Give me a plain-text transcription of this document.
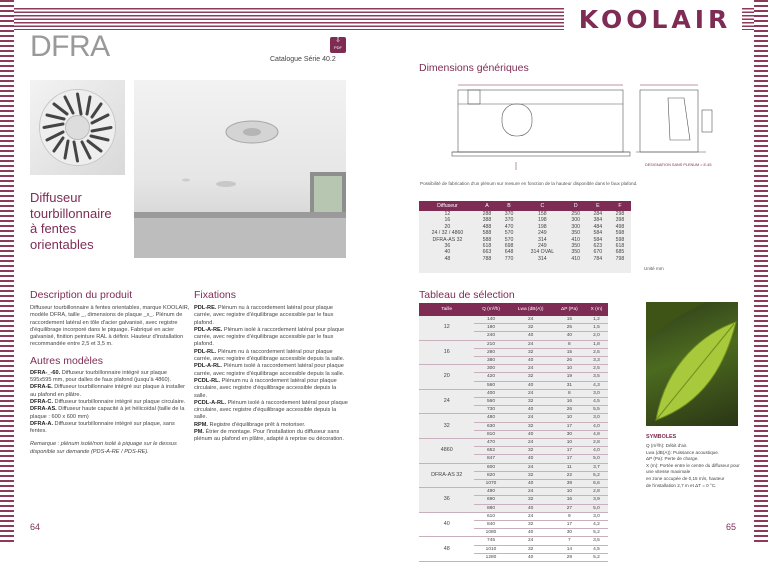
KOOLAIR
DFRA	⇩
PDF
Catalogue Série 40.2
Diffuseur
tourbillonnaire
à fentes
orientables
Description du produit
Diffuseur tourbillonnaire à fentes orientables, marque KOOLAIR, modèle DFRA, taille _, dimensions de plaque _x_. Plénum de raccordement latéral en tôle d'acier galvanisé, avec registre d'équilibrage incorporé dans le piquage. Fabriqué en acier galvanisé, finition peinture RAL à définir. Hauteur d'installation recommandée entre 2,5 et 3,5 m.
Autres modèles
DFRA-_-60. Diffuseur tourbillonnaire intégré sur plaque 595x595 mm, pour dalles de faux plafond (jusqu'à 4860).
DFRA-E. Diffuseur tourbillonnaire intégré sur plaque à installer au plafond en plâtre.
DFRA-C. Diffuseur tourbillonnaire intégré sur plaque circulaire.
DFRA-AS. Diffuseur haute capacité à jet hélicoïdal (taille de la plaque : 600 x 600 mm)
DFRA-A. Diffuseur tourbillonnaire intégré sur plaque, sans fentes.
Remarque : plénum isolé/non isolé à piquage sur le dessus disponible sur demande (PDS-A-RE / PDS-RE).
Fixations
PDL-RE. Plénum nu à raccordement latéral pour plaque carrée, avec registre d'équilibrage accessible par le faux plafond.
PDL-A-RE. Plénum isolé à raccordement latéral pour plaque carrée, avec registre d'équilibrage accessible par le faux plafond.
PDL-RL. Plénum nu à raccordement latéral pour plaque carrée, avec registre d'équilibrage accessible depuis la salle.
PDL-A-RL. Plénum isolé à raccordement latéral pour plaque carrée, avec registre d'équilibrage accessible depuis la salle.
PCDL-RL. Plénum nu à raccordement latéral pour plaque circulaire, avec registre d'équilibrage accessible depuis la salle.
PCDL-A-RL. Plénum isolé à raccordement latéral pour plaque circulaire, avec registre d'équilibrage accessible depuis la salle.
RPM. Registre d'équilibrage prêt à motoriser.
PM. Étrier de montage. Pour l'installation du diffuseur sans plénum au plafond en plâtre, adapté à reprise ou décoration.
64
Dimensions génériques
DESIGNATION SANS PLENUM = E-45
Possibilité de fabrication d'un plénum sur mesure en fonction de la hauteur disponible dans le faux plafond.
Diffuseur	A	B	C	D	E	F
12	288	370	158	250	284	298
16	388	370	198	300	384	398
20	488	470	198	300	484	498
24 / 32 / 4860	588	570	249	350	584	598
DFRA-AS 32	588	570	314	410	584	598
36	618	698	249	350	623	618
40	663	648	314 OVAL	350	670	685
48	788	770	314	410	784	798
Unité mm
Tableau de sélection
Taille	Q (m³/h)	Lwa (dB(A))	ΔP (Pa)	X (m)
12	140	24	15	1,2
	180	32	25	1,5
	240	40	40	2,0
16	210	24	8	1,8
	280	32	15	2,5
	380	40	26	3,3
20	300	24	10	2,5
	420	32	19	3,5
	560	40	31	4,3
24	400	24	8	3,0
	560	32	16	4,5
	730	40	26	5,5
32	480	24	10	3,0
	630	32	17	4,0
	810	40	30	4,8
4860	470	24	10	2,8
	652	32	17	4,0
	847	40	17	5,0
DFRA-AS 32	600	24	11	3,7
	820	32	22	5,2
	1070	40	39	6,6
36	490	24	10	2,8
	690	32	16	3,9
	880	40	27	5,0
40	610	24	9	3,0
	840	32	17	4,2
	1080	40	30	5,2
48	745	24	7	3,5
	1010	32	14	4,5
	1280	40	29	5,2
SYMBOLES
Q (m³/h): Débit d'air.
Lwa (dB(A)): Puissance acoustique.
ΔP (Pa): Perte de charge.
X (m): Portée entre le centre du diffuseur pour une vitesse maximale
en zone occupée de 0,15 m/s, hauteur
de l'installation 2,7 m et ΔT = 0 °C.
65
